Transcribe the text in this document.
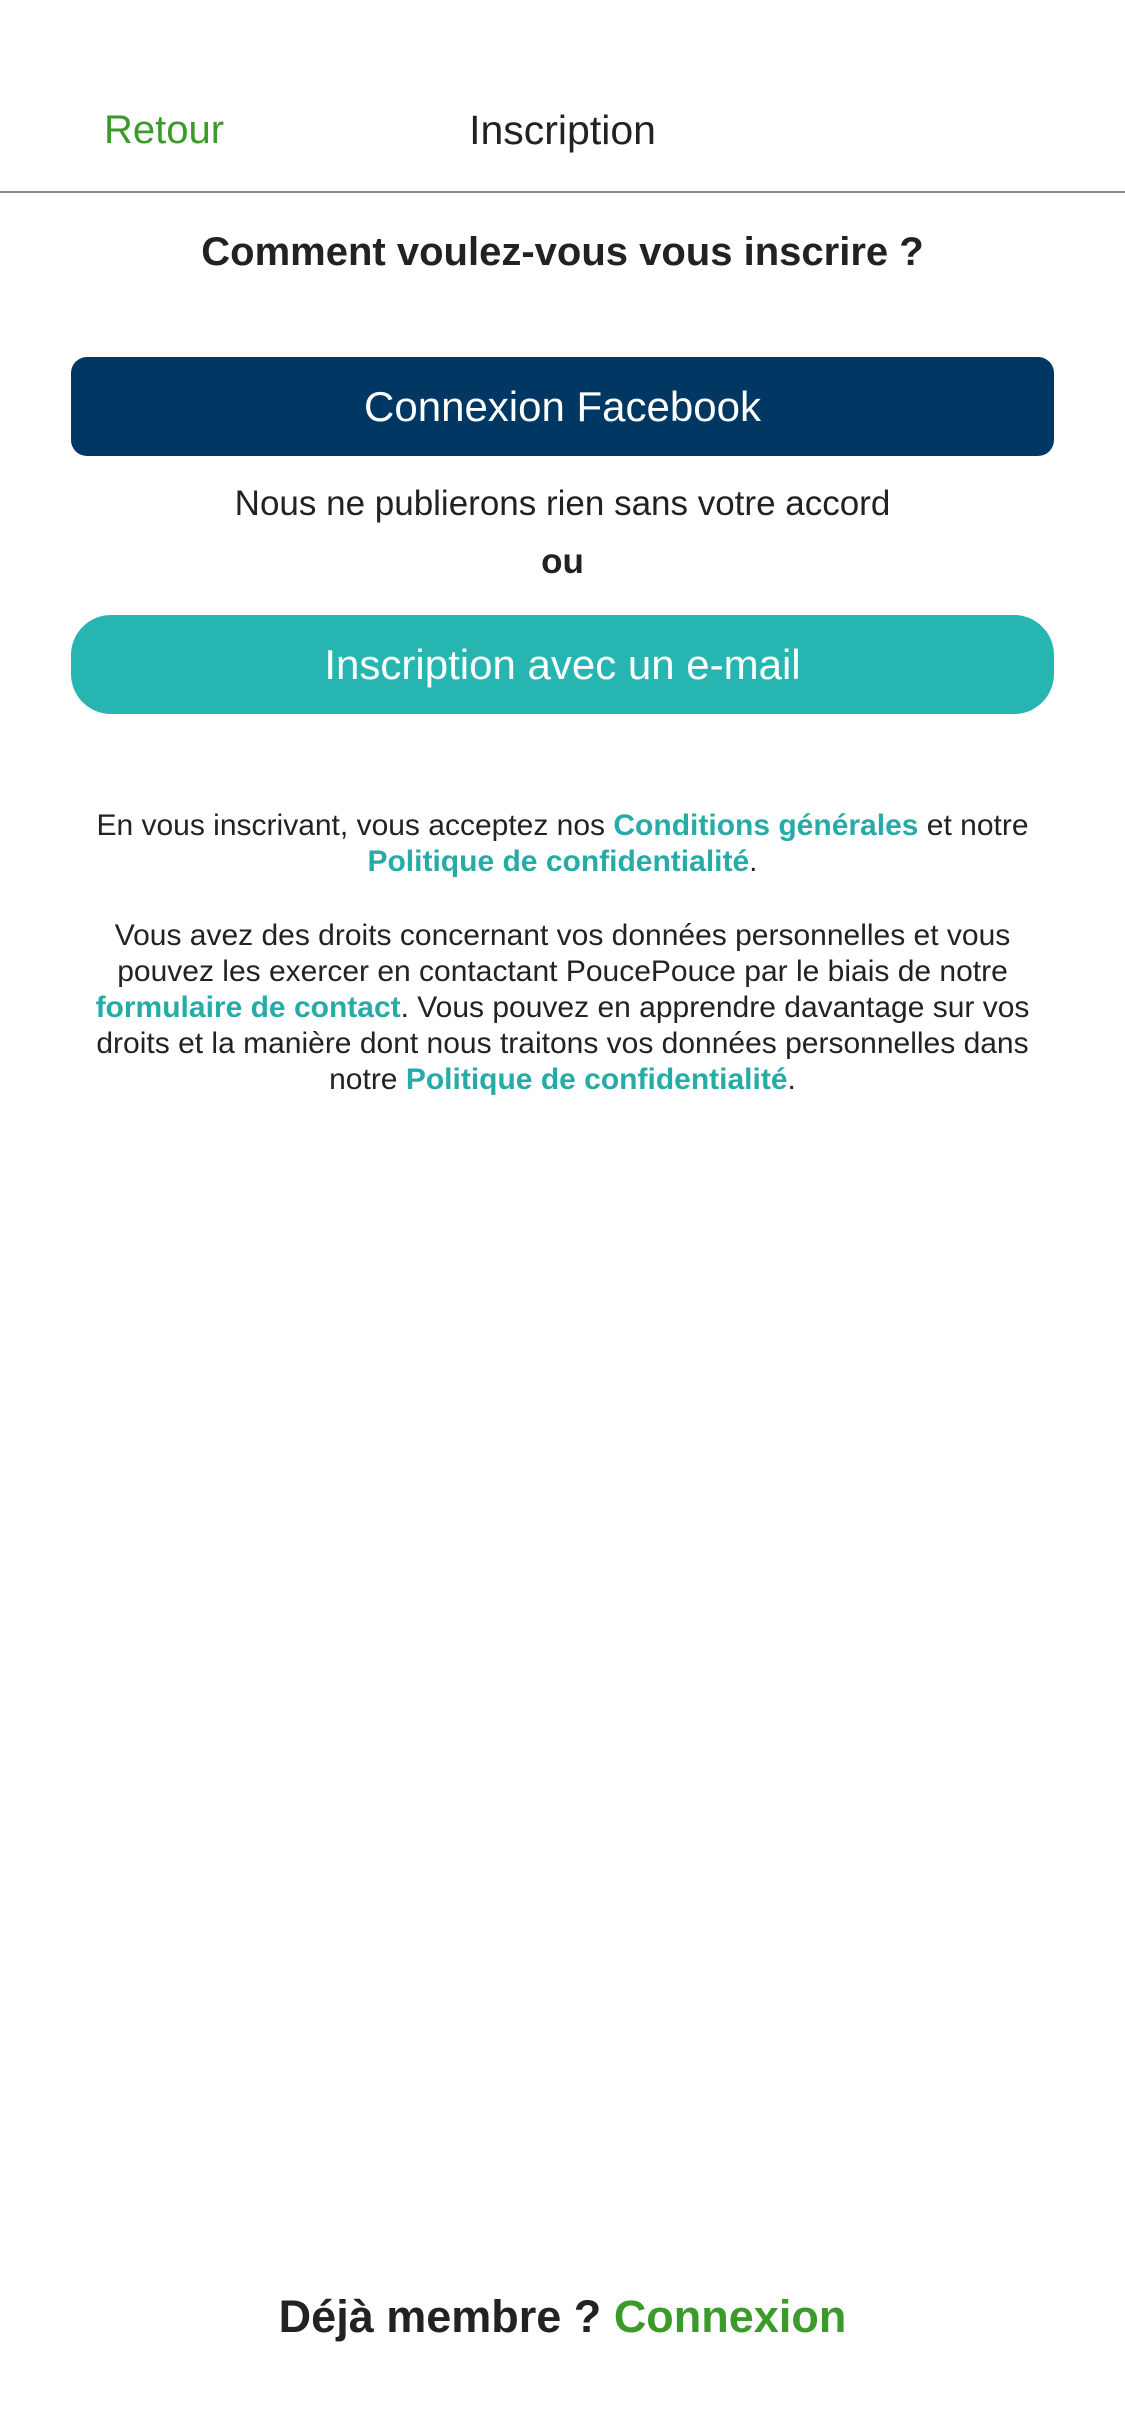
Retour	Inscription
Comment voulez-vous vous inscrire ?
Connexion Facebook
Nous ne publierons rien sans votre accord
ou
Inscription avec un e-mail
En vous inscrivant, vous acceptez nos Conditions générales et notre
Politique de confidentialité.
Vous avez des droits concernant vos données personnelles et vous pouvez les exercer en contactant PoucePouce par le biais de notre formulaire de contact. Vous pouvez en apprendre davantage sur vos droits et la manière dont nous traitons vos données personnelles dans notre Politique de confidentialité.
Déjà membre ? Connexion
